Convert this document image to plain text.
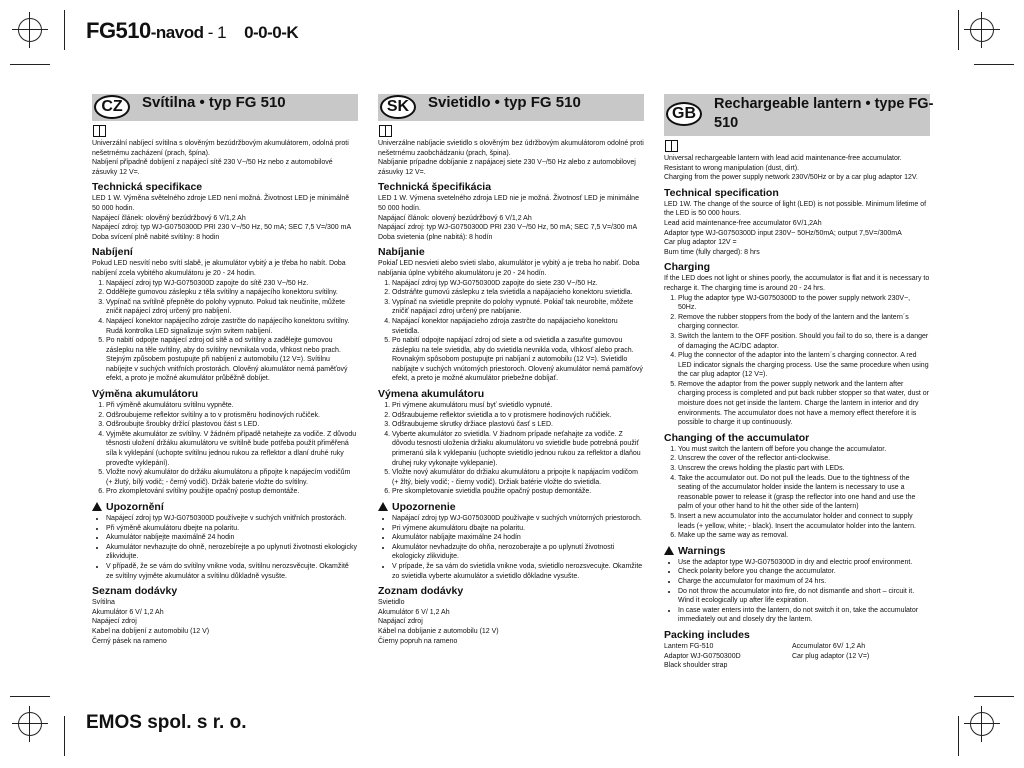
FG510-navod - 1 0-0-0-K
CZ	Svítilna • typ FG 510

Univerzální nabíjecí svítilna s olověným bezúdržbovým akumulátorem, odolná proti nešetrnému zacházení (prach, špína).

Nabíjení případně dobíjení z napájecí sítě 230 V~/50 Hz nebo z automobilové zásuvky 12 V=.

Technická specifikace

LED 1 W. Výměna světelného zdroje LED není možná. Životnost LED je minimálně 50 000 hodin.

Napájecí článek: olověný bezúdržbový 6 V/1,2 Ah

Napájecí zdroj: typ WJ-G0750300D PRI 230 V~/50 Hz, 50 mA; SEC 7,5 V=/300 mA

Doba svícení plně nabité svítilny: 8 hodin

Nabíjení

Pokud LED nesvítí nebo svítí slabě, je akumulátor vybitý a je třeba ho nabít. Doba nabíjení zcela vybitého akumulátoru je 20 - 24 hodin.

1. Napájecí zdroj typ WJ-G0750300D zapojte do sítě 230 V~/50 Hz.
2. Oddělejte gumovou záslepku z těla svítilny a napájecího konektoru svítilny.
3. Vypínač na svítilně přepněte do polohy vypnuto. Pokud tak neučiníte, můžete zničit napájecí zdroj určený pro nabíjení.
4. Napájecí konektor napájecího zdroje zastrčte do napájecího konektoru svítilny. Rudá kontrolka LED signalizuje svým svitem nabíjení.
5. Po nabití odpojte napájecí zdroj od sítě a od svítilny a zadělejte gumovou záslepku na těle svítilny, aby do svítilny nevnikala voda, vlhkost nebo prach. Stejným způsobem postupujte při nabíjení z automobilu (12 V=). Svítilnu nabíjejte v suchých vnitřních prostorách. Olověný akumulátor nemá paměťový efekt, a proto je možné akumulátor průběžně dobíjet.
Výměna akumulátoru
1. Při výměně akumulátoru svítilnu vypněte.
2. Odšroubujeme reflektor svítilny a to v protisměru hodinových ručiček.
3. Odšroubujte šroubky držící plastovou část s LED.
4. Vyjměte akumulátor ze svítilny. V žádném případě netahejte za vodiče. Z důvodu těsnosti uložení držáku akumulátoru ve svítilně bude potřeba použít přiměřená síla k vyklepání (uchopte svítilnu jednou rukou za reflektor a dlaní druhé ruky proveďte vyklepání).
5. Vložte nový akumulátor do držáku akumulátoru a připojte k napájecím vodičům (+ žlutý, bílý vodič; - černý vodič). Držák baterie vložte do svítilny.
6. Pro zkompletování svítilny použijte opačný postup demontáže.
Upozornění
• Napájecí zdroj typ WJ-G0750300D používejte v suchých vnitřních prostorách.
• Při výměně akumulátoru dbejte na polaritu.
• Akumulátor nabíjejte maximálně 24 hodin
• Akumulátor nevhazujte do ohně, nerozebírejte a po uplynutí životnosti ekologicky zlikvidujte.
• V případě, že se vám do svítilny vnikne voda, svítilnu nerozsvěcujte. Okamžitě ze svítilny vyjměte akumulátor a svítilnu důkladně vysušte.
Seznam dodávky

Svítilna

Akumulátor 6 V/ 1,2 Ah

Napájecí zdroj

Kabel na dobíjení z automobilu (12 V)

Černý pásek na rameno

SK	Svietidlo • typ FG 510

Univerzálne nabíjacie svietidlo s olověným bez údržbovým akumulátorom odolné proti nešetrnému zaobchádzaniu (prach, špina).

Nabíjanie prípadne dobíjanie z napájacej siete 230 V~/50 Hz alebo z automobilovej zásuvky 12 V=.

Technická špecifikácia

LED 1 W. Výmena svetelného zdroja LED nie je možná. Životnosť LED je minimálne 50 000 hodín.

Napájací článok: olovený bezúdržbový 6 V/1,2 Ah

Napájací zdroj: typ WJ-G0750300D PRI 230 V~/50 Hz, 50 mA; SEC 7,5 V=/300 mA

Doba svietenia (plne nabitá): 8 hodín

Nabíjanie

Pokiaľ LED nesvieti alebo svieti slabo, akumulátor je vybitý a je treba ho nabiť. Doba nabíjania úplne vybitého akumulátoru je 20 - 24 hodín.

1. Napájací zdroj typ WJ-G0750300D zapojte do siete 230 V~/50 Hz.
2. Odstráňte gumovú záslepku z tela svietidla a napájacieho konektoru svietidla.
3. Vypínač na svietidle prepnite do polohy vypnuté. Pokiaľ tak neurobíte, môžete zničiť napájací zdroj určený pre nabíjanie.
4. Napájací konektor napájacieho zdroja zastrčte do napájacieho konektoru svietidla.
5. Po nabití odpojte napájací zdroj od siete a od svietidla a zasuňte gumovou záslepku na tele svietidla, aby do svietidla nevnikla voda, vlhkosť alebo prach. Rovnakým spôsobom postupujte pri nabíjaní z automobilu (12 V=). Svietidlo nabíjajte v suchých vnútorných priestoroch. Olovený akumulátor nemá pamäťový efekt, a preto je možné akumulátor priebežne dobíjať.
Výmena akumulátoru
1. Pri výmene akumulátoru musí byť svietidlo vypnuté.
2. Odšraubujeme reflektor svietidla a to v protismere hodinových ručičiek.
3. Odšraubujeme skrutky držiace plastovú časť s LED.
4. Vyberte akumulátor zo svietidla. V žiadnom prípade neťahajte za vodiče. Z dôvodu tesnosti uloženia držiaku akumulátoru vo svietidle bude potrebná použiť primeranú sila k vyklepaniu (uchopte svietidlo jednou rukou za reflektor a dlaňou druhej ruky vykonajte vyklepanie).
5. Vložte nový akumulátor do držiaku akumulátoru a pripojte k napájacím vodičom (+ žltý, biely vodič; - čierny vodič). Držiak batérie vložte do svietidla.
6. Pre skompletovanie svietidla použite opačný postup demontáže.
Upozornenie
• Napájací zdroj typ WJ-G0750300D používajte v suchých vnútorných priestoroch.
• Pri výmene akumulátoru dbajte na polaritu.
• Akumulátor nabíjajte maximálne 24 hodín
• Akumulátor nevhadzujte do ohňa, nerozoberajte a po uplynutí životnosti ekologicky zlikvidujte.
• V prípade, že sa vám do svietidla vnikne voda, svietidlo nerozsvecujte. Okamžite zo svietidla vyberte akumulátor a svietidlo dôkladne vysušte.
Zoznam dodávky

Svietidlo

Akumulátor 6 V/ 1,2 Ah

Napájací zdroj

Kábel na dobíjanie z automobilu (12 V)

Čierny popruh na rameno

GB
Rechargeable lantern • type FG-510

Universal rechargeable lantern with lead acid maintenance-free accumulator. Resistant to wrong manipulation (dust, dirt).

Charging from the power supply network 230V/50Hz or by a car plug adaptor 12V.

Technical specification

LED 1W. The change of the source of light (LED) is not possible. Minimum lifetime of the LED is 50 000 hours.

Lead acid maintenance-free accumulator 6V/1,2Ah

Adaptor type WJ-G0750300D input 230V~ 50Hz/50mA; output 7,5V=/300mA

Car plug adaptor 12V =

Burn time (fully charged): 8 hrs

Charging

If the LED does not light or shines poorly, the accumulator is flat and it is necessary to recharge it. The charging time is around 20 - 24 hrs.

1. Plug the adaptor type WJ-G0750300D to the power supply network 230V~, 50Hz.
2. Remove the rubber stoppers from the body of the lantern and the lantern´s charging connector.
3. Switch the lantern to the OFF position. Should you fail to do so, there is a danger of damaging the AC/DC adaptor.
4. Plug the connector of the adaptor into the lantern´s charging connector. A red LED indicator signals the charging process. Use the same procedure when using the car plug adaptor (12 V=).
5. Remove the adaptor from the power supply network and the lantern after charging process is completed and put back rubber stopper so that water, dust or moisture does not get inside the lantern. Charge the lantern in interior and dry environments. The accumulator does not have a memory effect therefore it is possible to charge it up continuously.
Changing of the accumulator
1. You must switch the lantern off before you change the accumulator.
2. Unscrew the cover of the reflector anti-clockwise.
3. Unscrew the crews holding the plastic part with LEDs.
4. Take the accumulator out. Do not pull the leads. Due to the tightness of the seating of the accumulator holder inside the lantern is necessary to use a reasonable power to release it (grasp the reflector into one hand and use the palm of your other hand to hit the other side of the lantern)
5. Insert a new accumulator into the accumulator holder and connect to supply leads (+ yellow, white; - black). Insert the accumulator holder into the lantern.
6. Make up the same way as removal.
Warnings
• Use the adaptor type WJ-G0750300D in dry and electric proof environment.
• Check polarity before you change the accumulator.
• Charge the accumulator for maximum of 24 hrs.
• Do not throw the accumulator into fire, do not dismantle and short – circuit it. Wind it ecologically up after life expiration.
• In case water enters into the lantern, do not switch it on, take the accumulator immediately out and closely dry the lantern.
Packing includes

Lantern FG-510

Adaptor WJ-G0750300D

Black shoulder strap

Accumulator 6V/ 1,2 Ah

Car plug adaptor (12 V=)

EMOS spol. s r. o.
